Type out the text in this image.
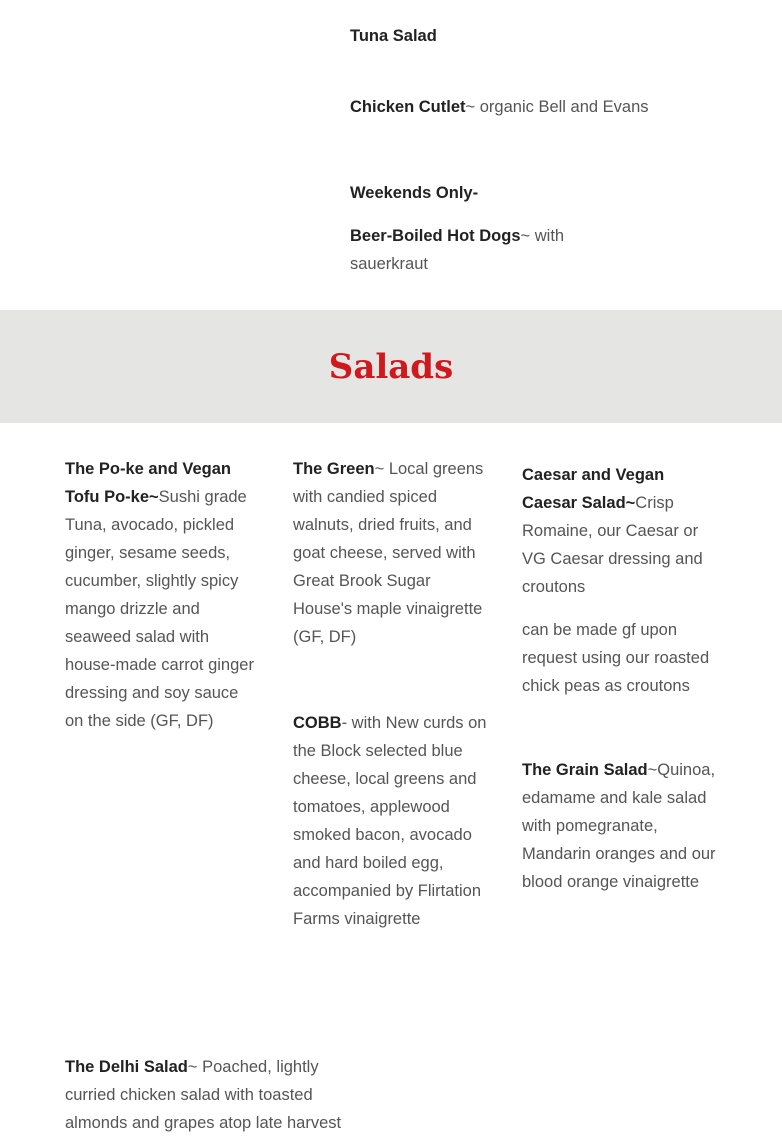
Tuna Salad

Chicken Cutlet~ organic Bell and Evans

Weekends Only-

Beer-Boiled Hot Dogs~ with sauerkraut

Salads

The Po-ke and Vegan Tofu Po-ke~Sushi grade Tuna, avocado, pickled ginger, sesame seeds, cucumber, slightly spicy mango drizzle and seaweed salad with house-made carrot ginger dressing and soy sauce on the side (GF, DF)

The Green~ Local greens with candied spiced walnuts, dried fruits, and goat cheese, served with Great Brook Sugar House's maple vinaigrette (GF, DF)

COBB- with New curds on the Block selected blue cheese, local greens and tomatoes, applewood smoked bacon, avocado and hard boiled egg, accompanied by Flirtation Farms vinaigrette

Caesar and Vegan Caesar Salad~Crisp Romaine, our Caesar or VG Caesar dressing and croutons

can be made gf upon request using our roasted chick peas as croutons

The Grain Salad~Quinoa, edamame and kale salad with pomegranate, Mandarin oranges and our blood orange vinaigrette

The Delhi Salad~ Poached, lightly curried chicken salad with toasted almonds and grapes atop late harvest
